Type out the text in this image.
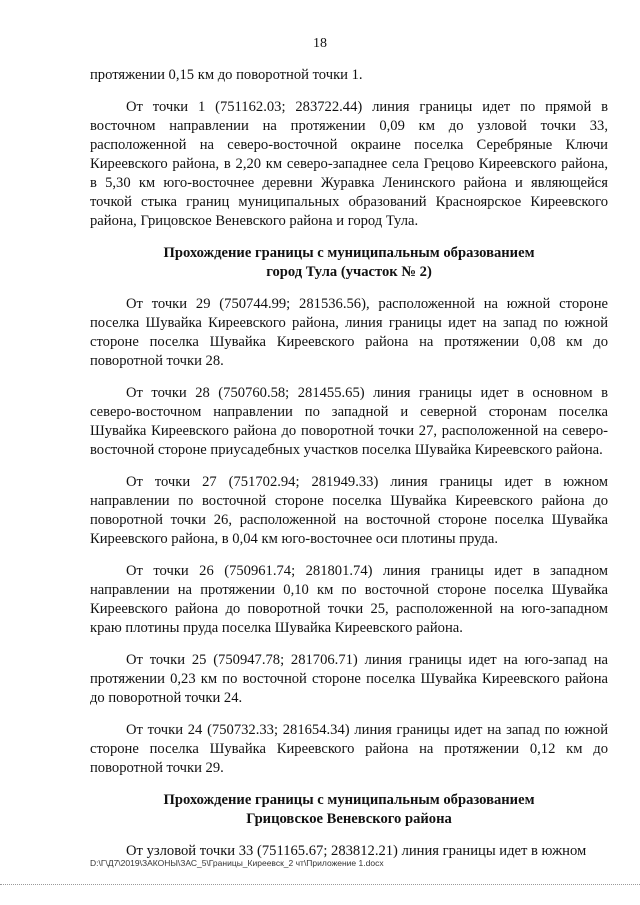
18

протяжении 0,15 км до поворотной точки 1.

От точки 1 (751162.03; 283722.44) линия границы идет по прямой в восточном направлении на протяжении 0,09 км до узловой точки 33, расположенной на северо-восточной окраине поселка Серебряные Ключи Киреевского района, в 2,20 км северо-западнее села Грецово Киреевского района, в 5,30 км юго-восточнее деревни Журавка Ленинского района и являющейся точкой стыка границ муниципальных образований Красноярское Киреевского района, Грицовское Веневского района и город Тула.

Прохождение границы с муниципальным образованием
город Тула (участок № 2)

От точки 29 (750744.99; 281536.56), расположенной на южной стороне поселка Шувайка Киреевского района, линия границы идет на запад по южной стороне поселка Шувайка Киреевского района на протяжении 0,08 км до поворотной точки 28.

От точки 28 (750760.58; 281455.65) линия границы идет в основном в северо-восточном направлении по западной и северной сторонам поселка Шувайка Киреевского района до поворотной точки 27, расположенной на северо-восточной стороне приусадебных участков поселка Шувайка Киреевского района.

От точки 27 (751702.94; 281949.33) линия границы идет в южном направлении по восточной стороне поселка Шувайка Киреевского района до поворотной точки 26, расположенной на восточной стороне поселка Шувайка Киреевского района, в 0,04 км юго-восточнее оси плотины пруда.

От точки 26 (750961.74; 281801.74) линия границы идет в западном направлении на протяжении 0,10 км по восточной стороне поселка Шувайка Киреевского района до поворотной точки 25, расположенной на юго-западном краю плотины пруда поселка Шувайка Киреевского района.

От точки 25 (750947.78; 281706.71) линия границы идет на юго-запад на протяжении 0,23 км по восточной стороне поселка Шувайка Киреевского района до поворотной точки 24.

От точки 24 (750732.33; 281654.34) линия границы идет на запад по южной стороне поселка Шувайка Киреевского района на протяжении 0,12 км до поворотной точки 29.

Прохождение границы с муниципальным образованием
Грицовское Веневского района

От узловой точки 33 (751165.67; 283812.21) линия границы идет в южном

D:\Г\Д7\2019\ЗАКОНЫ\ЗАС_5\Границы_Киреевск_2 чт\Приложение 1.docx
